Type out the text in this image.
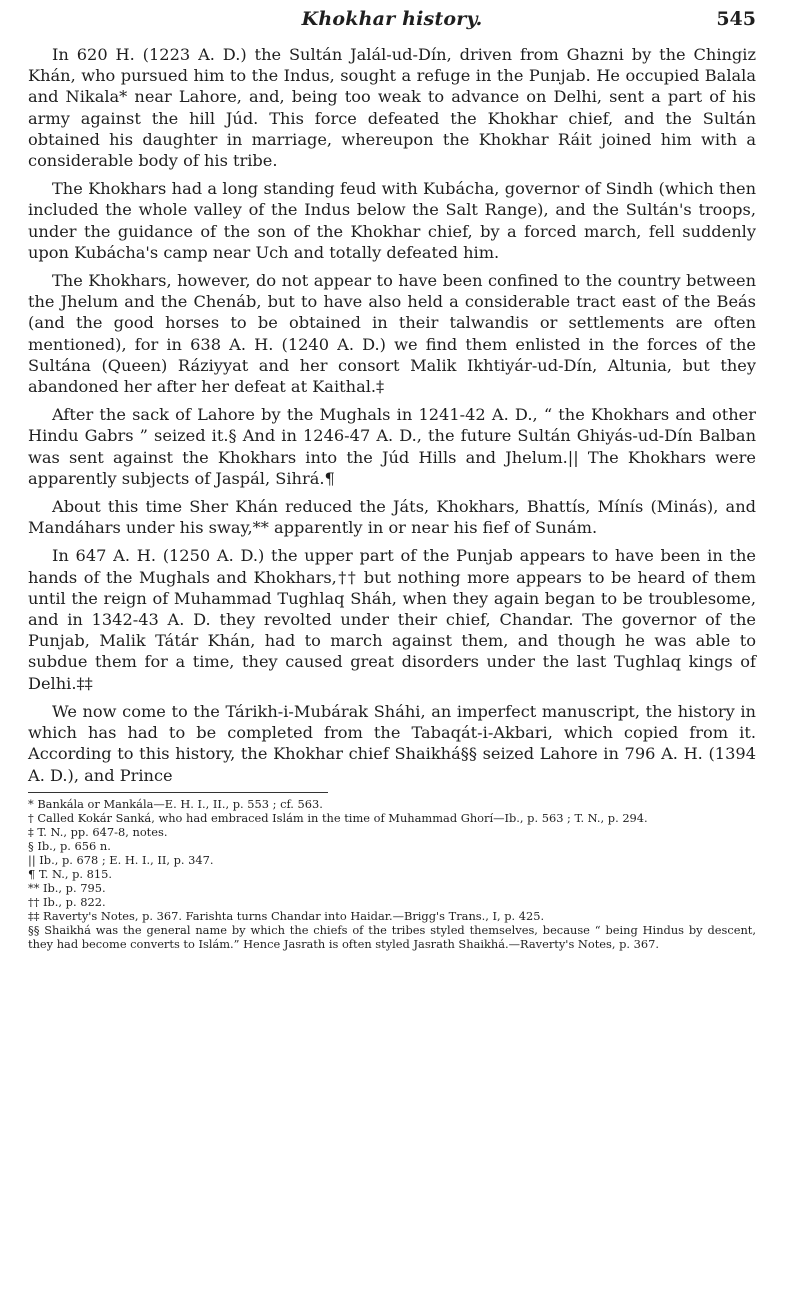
Khokhar history.	545

In 620 H. (1223 A. D.) the Sultán Jalál-ud-Dín, driven from Ghazni by the Chingiz Khán, who pursued him to the Indus, sought a refuge in the Punjab. He occupied Balala and Nikala* near Lahore, and, being too weak to advance on Delhi, sent a part of his army against the hill Júd. This force defeated the Khokhar chief, and the Sultán obtained his daughter in marriage, whereupon the Khokhar Ráit joined him with a considerable body of his tribe.

The Khokhars had a long standing feud with Kubácha, governor of Sindh (which then included the whole valley of the Indus below the Salt Range), and the Sultán's troops, under the guidance of the son of the Khokhar chief, by a forced march, fell suddenly upon Kubácha's camp near Uch and totally defeated him.

The Khokhars, however, do not appear to have been confined to the country between the Jhelum and the Chenáb, but to have also held a considerable tract east of the Beás (and the good horses to be obtained in their talwandis or settlements are often mentioned), for in 638 A. H. (1240 A. D.) we find them enlisted in the forces of the Sultána (Queen) Ráziyyat and her consort Malik Ikhtiyár-ud-Dín, Altunia, but they abandoned her after her defeat at Kaithal.‡

After the sack of Lahore by the Mughals in 1241-42 A. D., “ the Khokhars and other Hindu Gabrs ” seized it.§ And in 1246-47 A. D., the future Sultán Ghiyás-ud-Dín Balban was sent against the Khokhars into the Júd Hills and Jhelum.|| The Khokhars were apparently subjects of Jaspál, Sihrá.¶

About this time Sher Khán reduced the Játs, Khokhars, Bhattís, Mínís (Minás), and Mandáhars under his sway,** apparently in or near his fief of Sunám.

In 647 A. H. (1250 A. D.) the upper part of the Punjab appears to have been in the hands of the Mughals and Khokhars,†† but nothing more appears to be heard of them until the reign of Muhammad Tughlaq Sháh, when they again began to be troublesome, and in 1342-43 A. D. they revolted under their chief, Chandar. The governor of the Punjab, Malik Tátár Khán, had to march against them, and though he was able to subdue them for a time, they caused great disorders under the last Tughlaq kings of Delhi.‡‡

We now come to the Tárikh-i-Mubárak Sháhi, an imperfect manuscript, the history in which has had to be completed from the Tabaqát-i-Akbari, which copied from it. According to this history, the Khokhar chief Shaikhá§§ seized Lahore in 796 A. H. (1394 A. D.), and Prince

* Bankála or Mankála—E. H. I., II., p. 553 ; cf. 563.
† Called Kokár Sanká, who had embraced Islám in the time of Muhammad Ghorí—Ib., p. 563 ; T. N., p. 294.
‡ T. N., pp. 647-8, notes.
§ Ib., p. 656 n.
|| Ib., p. 678 ; E. H. I., II, p. 347.
¶ T. N., p. 815.
** Ib., p. 795.
†† Ib., p. 822.
‡‡ Raverty's Notes, p. 367. Farishta turns Chandar into Haidar.—Brigg's Trans., I, p. 425.
§§ Shaikhá was the general name by which the chiefs of the tribes styled themselves, because “ being Hindus by descent, they had become converts to Islám.” Hence Jasrath is often styled Jasrath Shaikhá.—Raverty's Notes, p. 367.
